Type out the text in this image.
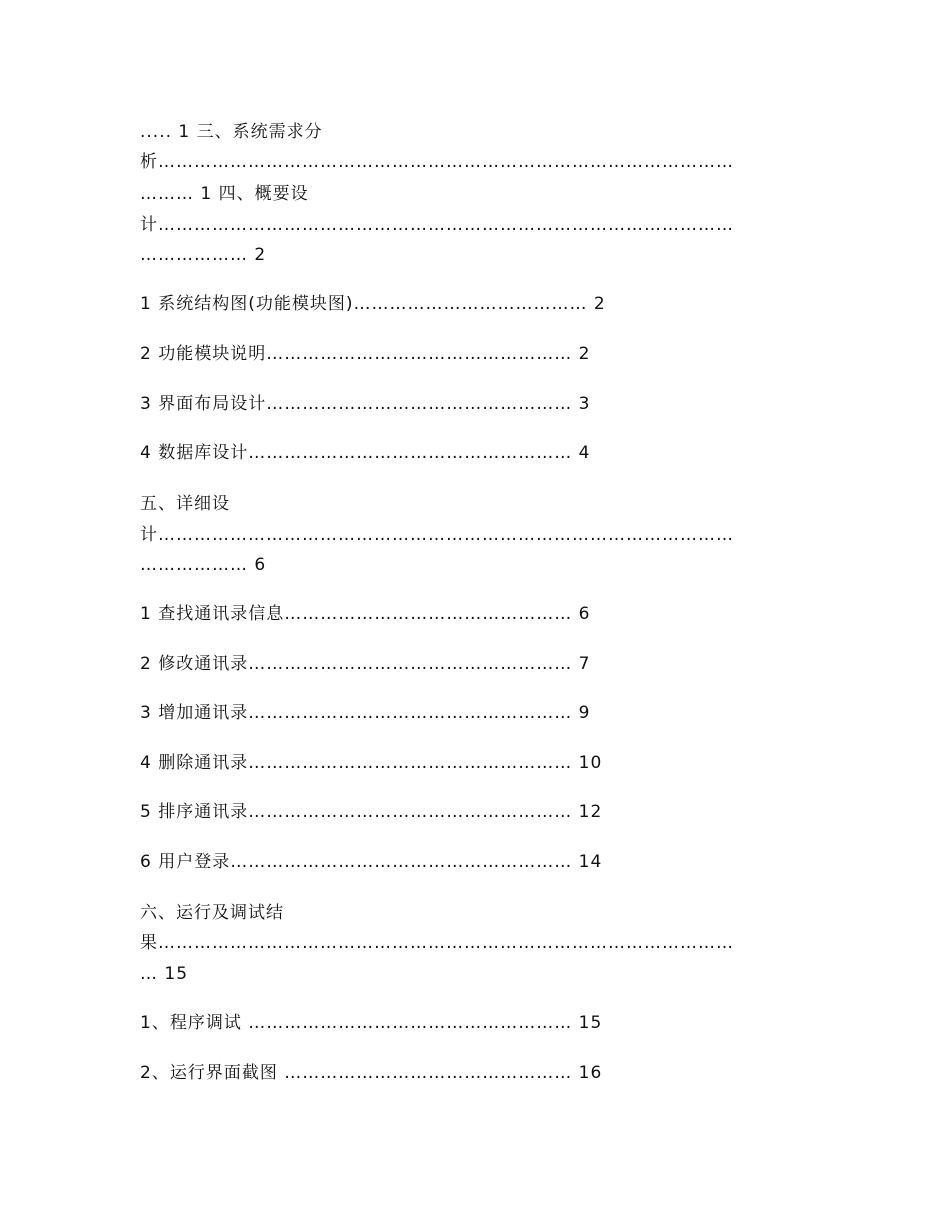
..... 1 三、系统需求分
析……………………………………………………………………………………
……… 1 四、概要设
计……………………………………………………………………………………
……………… 2
1 系统结构图(功能模块图)………………………………… 2
2 功能模块说明…………………………………………… 2
3 界面布局设计…………………………………………… 3
4 数据库设计……………………………………………… 4
五、详细设
计……………………………………………………………………………………
……………… 6
1 查找通讯录信息………………………………………… 6
2 修改通讯录……………………………………………… 7
3 增加通讯录……………………………………………… 9
4 删除通讯录……………………………………………… 10
5 排序通讯录……………………………………………… 12
6 用户登录………………………………………………… 14
六、运行及调试结
果……………………………………………………………………………………
… 15
1、程序调试 ……………………………………………… 15
2、运行界面截图 ………………………………………… 16
